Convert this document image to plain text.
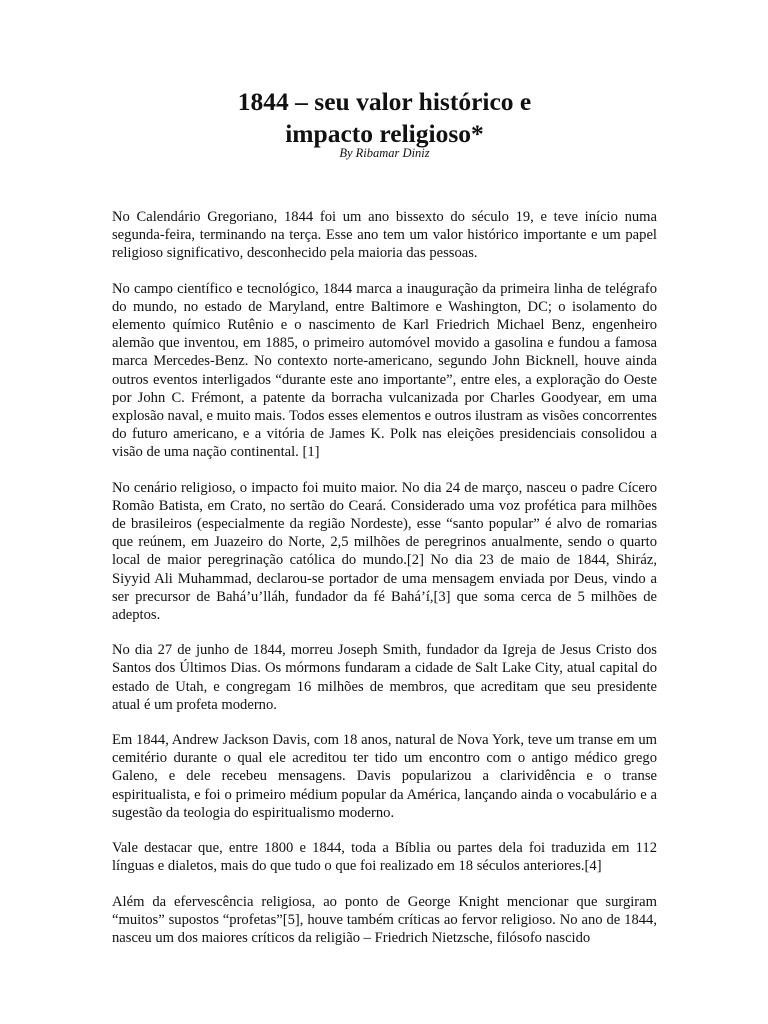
1844 – seu valor histórico e
impacto religioso*

By Ribamar Diniz

No Calendário Gregoriano, 1844 foi um ano bissexto do século 19, e teve início numa segunda-feira, terminando na terça. Esse ano tem um valor histórico importante e um papel religioso significativo, desconhecido pela maioria das pessoas.

No campo científico e tecnológico, 1844 marca a inauguração da primeira linha de telégrafo do mundo, no estado de Maryland, entre Baltimore e Washington, DC; o isolamento do elemento químico Rutênio e o nascimento de Karl Friedrich Michael Benz, engenheiro alemão que inventou, em 1885, o primeiro automóvel movido a gasolina e fundou a famosa marca Mercedes-Benz. No contexto norte-americano, segundo John Bicknell, houve ainda outros eventos interligados “durante este ano importante”, entre eles, a exploração do Oeste por John C. Frémont, a patente da borracha vulcanizada por Charles Goodyear, em uma explosão naval, e muito mais. Todos esses elementos e outros ilustram as visões concorrentes do futuro americano, e a vitória de James K. Polk nas eleições presidenciais consolidou a visão de uma nação continental. [1]

No cenário religioso, o impacto foi muito maior. No dia 24 de março, nasceu o padre Cícero Romão Batista, em Crato, no sertão do Ceará. Considerado uma voz profética para milhões de brasileiros (especialmente da região Nordeste), esse “santo popular” é alvo de romarias que reúnem, em Juazeiro do Norte, 2,5 milhões de peregrinos anualmente, sendo o quarto local de maior peregrinação católica do mundo.[2] No dia 23 de maio de 1844, Shiráz, Siyyid Ali Muhammad, declarou-se portador de uma mensagem enviada por Deus, vindo a ser precursor de Bahá’u’lláh, fundador da fé Bahá’í,[3] que soma cerca de 5 milhões de adeptos.

No dia 27 de junho de 1844, morreu Joseph Smith, fundador da Igreja de Jesus Cristo dos Santos dos Últimos Dias. Os mórmons fundaram a cidade de Salt Lake City, atual capital do estado de Utah, e congregam 16 milhões de membros, que acreditam que seu presidente atual é um profeta moderno.

Em 1844, Andrew Jackson Davis, com 18 anos, natural de Nova York, teve um transe em um cemitério durante o qual ele acreditou ter tido um encontro com o antigo médico grego Galeno, e dele recebeu mensagens. Davis popularizou a clarividência e o transe espiritualista, e foi o primeiro médium popular da América, lançando ainda o vocabulário e a sugestão da teologia do espiritualismo moderno.

Vale destacar que, entre 1800 e 1844, toda a Bíblia ou partes dela foi traduzida em 112 línguas e dialetos, mais do que tudo o que foi realizado em 18 séculos anteriores.[4]

Além da efervescência religiosa, ao ponto de George Knight mencionar que surgiram “muitos” supostos “profetas”[5], houve também críticas ao fervor religioso. No ano de 1844, nasceu um dos maiores críticos da religião – Friedrich Nietzsche, filósofo nascido
